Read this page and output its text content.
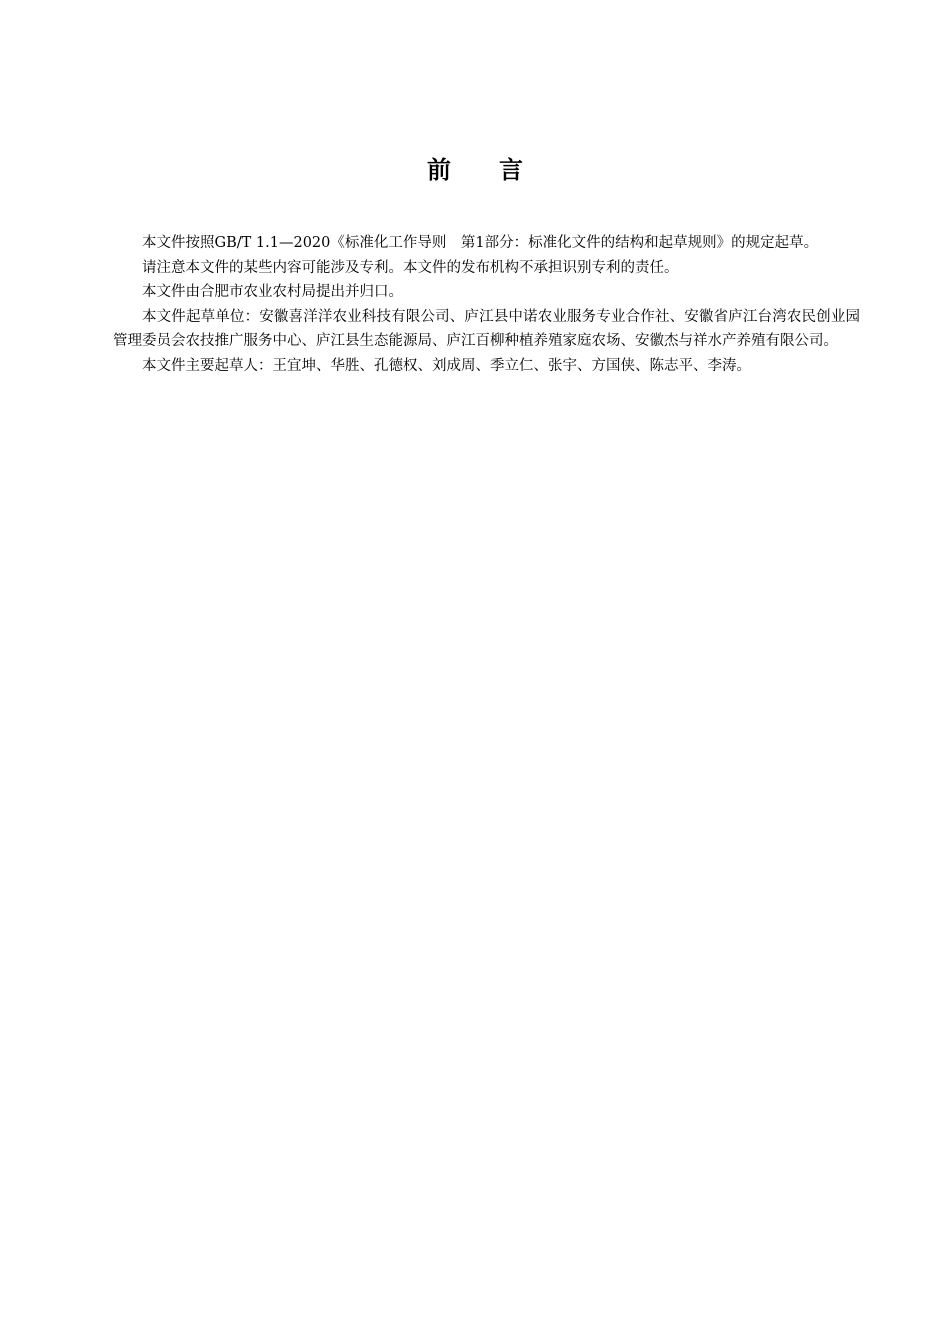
前言

本文件按照GB/T 1.1—2020《标准化工作导则　第1部分：标准化文件的结构和起草规则》的规定起草。

请注意本文件的某些内容可能涉及专利。本文件的发布机构不承担识别专利的责任。

本文件由合肥市农业农村局提出并归口。

本文件起草单位：安徽喜洋洋农业科技有限公司、庐江县中诺农业服务专业合作社、安徽省庐江台湾农民创业园管理委员会农技推广服务中心、庐江县生态能源局、庐江百柳种植养殖家庭农场、安徽杰与祥水产养殖有限公司。

本文件主要起草人：王宜坤、华胜、孔德权、刘成周、季立仁、张宇、方国侠、陈志平、李涛。
